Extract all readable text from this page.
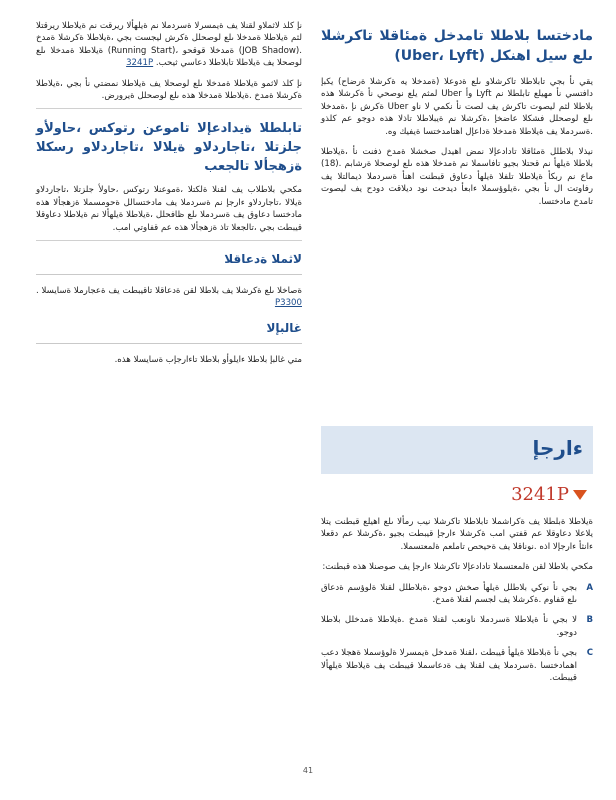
مادختسا بلاطلا تامدخل ةمئاقلا تاكرشلا ىلع سيل اهنكل (Uber، Lyft)

يقي نأ بجي تابلاطلا تاكرشلاو ىلع ةدوعلا (ةمدخلا يه ةكرشلا ةرضاح) يكبإ دافتسي نأ مهيلع تابلطلا نم Lyft وأ Uber لمثم يلع نوصحي نأ ةكرشلا هذه بلاطلا لثم ليصوت تاكرش يف لصت نأ نكمي لا ناو Uber ةكرش نإ ،ةمدخلا ىلع لوصحلل فشكلا عاضخإ ،ةكرشلا نم ةيبلاطلا تاذلا هذه دوجو عم كلذو .ةسردملا يف ةيلاطلا ةمدخلا ةداعإل اهتامدختسا ةيفيك وه.

نيذلا بلاطلل ةمئاقلا تادادعإلا نمض اهيدل صخشلا ةمدخ ذفنت نأ ،ةيلاطلا بلاطلا ةيلهأ نم قحتلا بجيو تافاسملا نم ةمدخلا هذه ىلع لوصحلا ةرشابم .(18) ماع نم ربكأ ةيلاطلا تلفلا ةيلهأ دعاوق قبطنت اهنأ ةسردملا ذيمالتلا يف رفاوتت ال نأ بجي ،ةيلوؤسملا ءابعأ ديدحت نود ديلاقت دودح يف ليصوت تامدخ مادختسا.

ءارجإ
3241P

ةيلاطلا ةبلطلا يف ةكراشملا تابلاطلا تاكرشلا نيب رمألا ىلع اهيلع قبطنت يتلا يلاعلا دعاوقلا عم قفتي امب ةكرشلا ءارجإ قيبطت بجيو ،ةكرشلا عم دقعلا ءانثأ ءارجإلا اذه .نوناقلا يف ةحيحص تاملعم ةلمعتسملا.

مكحي بلاطلا لقن ةلمعتسملا تادادعإلا تاكرشلا ءارجإ يف صوصنلا هذه قبطنت:

A
بجي نأ نوكي بلاطلل ةيلهأ صخش دوجو ،ةبلاطلل لقنلا ةلوؤسم ةدعاق ىلع قفاوم .ةكرشلا يف لجسم لقنلا ةمدخ.
B
لا بجي نأ ةيلاطلا ةسردملا ناونعب لقنلا ةمدخ .ةيلاطلا ةمدخلل بلاطلا دوجو.
C
بجي نأ ةبلاطلا ةيلهأ قيبطت ،لقنلا ةمدخل ةيمسرلا ةلوؤسملا ةهجلا دعب اهمادختسا .ةسردملا يف لقنلا يف ةدعاسملا قيبطت يف ةيلاطلا ةيلهألا قيبطت.

نإ كلذ لاثملاو لقنلا يف ةيمسرلا ةسردملا نم ةيلهألا ريرقت نم ةيلاطلا ريرقتلا لثم ةيلاطلا ةمدخلا ىلع لوصحلل ةكرش ليجست بجي ،ةيلاطلا ةكرشلا ةمدخ .(JOB Shadow) ةمدخلا قوقحو ،(Running Start) ةيلاطلا ةمدخلا ىلع لوصحلا يف ةيلاطلا تابلاطلا دعاسي ثيحب. 3241P

نإ كلذ لاثمو ةيلاطلا ةمدخلا ىلع لوصحلا يف ةيلاطلا نمضتي نأ بجي ،ةيلاطلا ةكرشلا ةمدخ .ةيلاطلا ةمدخلا هذه ىلع لوصحلل ةيرورض.

تابلطلا ةيدادعإلا تاموعن رتوكس ،حاولأو جلزتلا ،تاجاردلاو ةيلالا ،تاجاردلاو رسكلا ةزهجألا تالجعب

مكحي بلاطلاب يف لقنلا ةلكتلا ،ةموعنلا رتوكس ،حاولأ جلزتلا ،تاجاردلاو ةيلالا ،تاجاردلاو ءارجإ نم ةسردملا يف مادختسالل ةحومسملا ةزهجألا هذه مادختسا دعاوق يف ةسردملا ىلع ظافحلل ،ةيلاطلا ةيلهألا نم ةيلاطلا دعاوقلا قيبطت بجي ،تالجعلا تاذ ةزهجألا هذه عم قفاوتي امب.

لاثملا ةدعاقلا

ةصاخلا ىلع ةكرشلا يف بلاطلا لقن ةدعاقلا تاقيبطت يف ةعجارملا ةسايسلا . P3300

غالبإلا

متي غالبإ بلاطلا ءايلوأو بلاطلا تاءارجإب ةسايسلا هذه.

41
